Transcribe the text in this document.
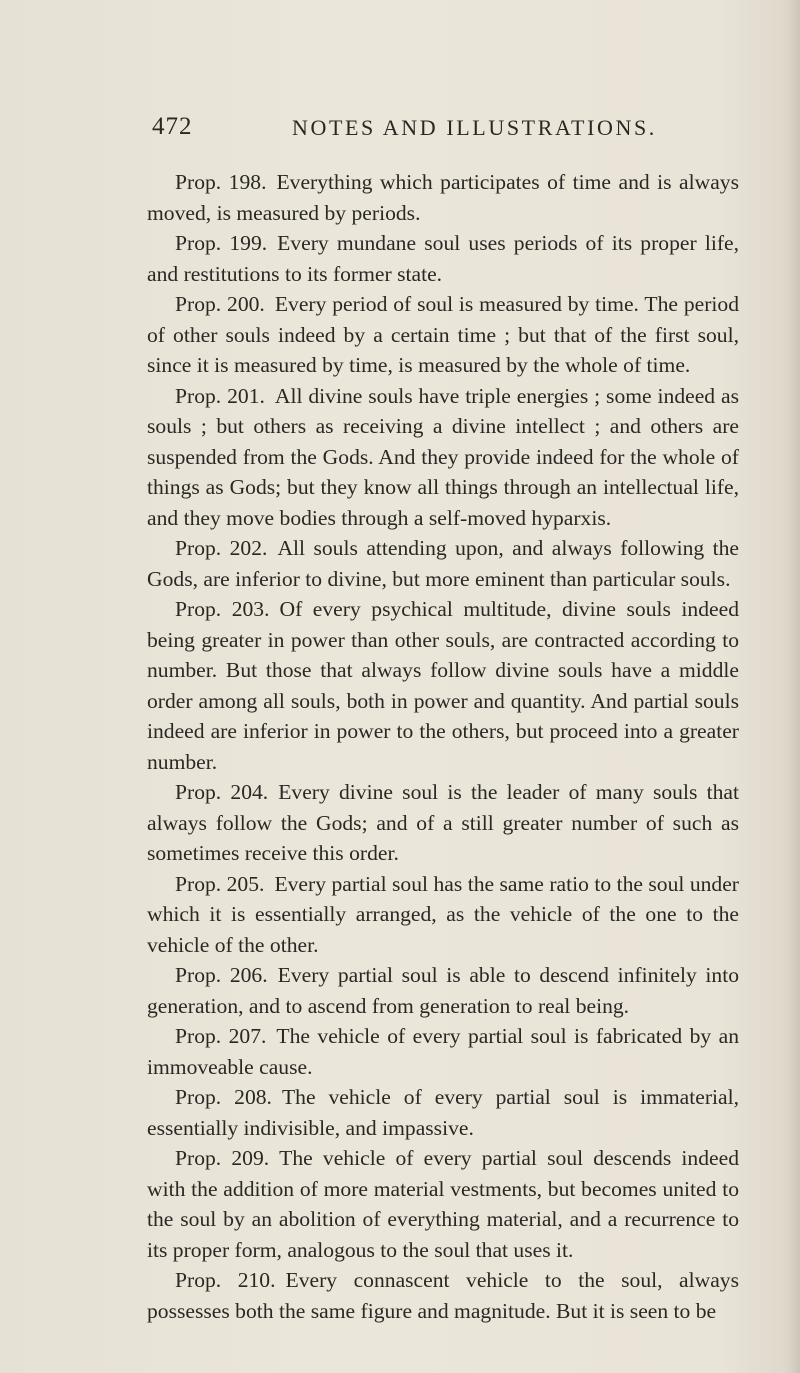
472	NOTES AND ILLUSTRATIONS.

Prop. 198. Everything which participates of time and is always moved, is measured by periods.

Prop. 199. Every mundane soul uses periods of its proper life, and restitutions to its former state.

Prop. 200. Every period of soul is measured by time. The period of other souls indeed by a certain time ; but that of the first soul, since it is measured by time, is measured by the whole of time.

Prop. 201. All divine souls have triple energies ; some indeed as souls ; but others as receiving a divine intellect ; and others are suspended from the Gods. And they provide indeed for the whole of things as Gods; but they know all things through an intellectual life, and they move bodies through a self-moved hyparxis.

Prop. 202. All souls attending upon, and always following the Gods, are inferior to divine, but more eminent than particular souls.

Prop. 203. Of every psychical multitude, divine souls indeed being greater in power than other souls, are contracted according to number. But those that always follow divine souls have a middle order among all souls, both in power and quantity. And partial souls indeed are inferior in power to the others, but proceed into a greater number.

Prop. 204. Every divine soul is the leader of many souls that always follow the Gods; and of a still greater number of such as sometimes receive this order.

Prop. 205. Every partial soul has the same ratio to the soul under which it is essentially arranged, as the vehicle of the one to the vehicle of the other.

Prop. 206. Every partial soul is able to descend infinitely into generation, and to ascend from generation to real being.

Prop. 207. The vehicle of every partial soul is fabricated by an immoveable cause.

Prop. 208. The vehicle of every partial soul is immaterial, essentially indivisible, and impassive.

Prop. 209. The vehicle of every partial soul descends indeed with the addition of more material vestments, but becomes united to the soul by an abolition of everything material, and a recurrence to its proper form, analogous to the soul that uses it.

Prop. 210. Every connascent vehicle to the soul, always possesses both the same figure and magnitude. But it is seen to be
